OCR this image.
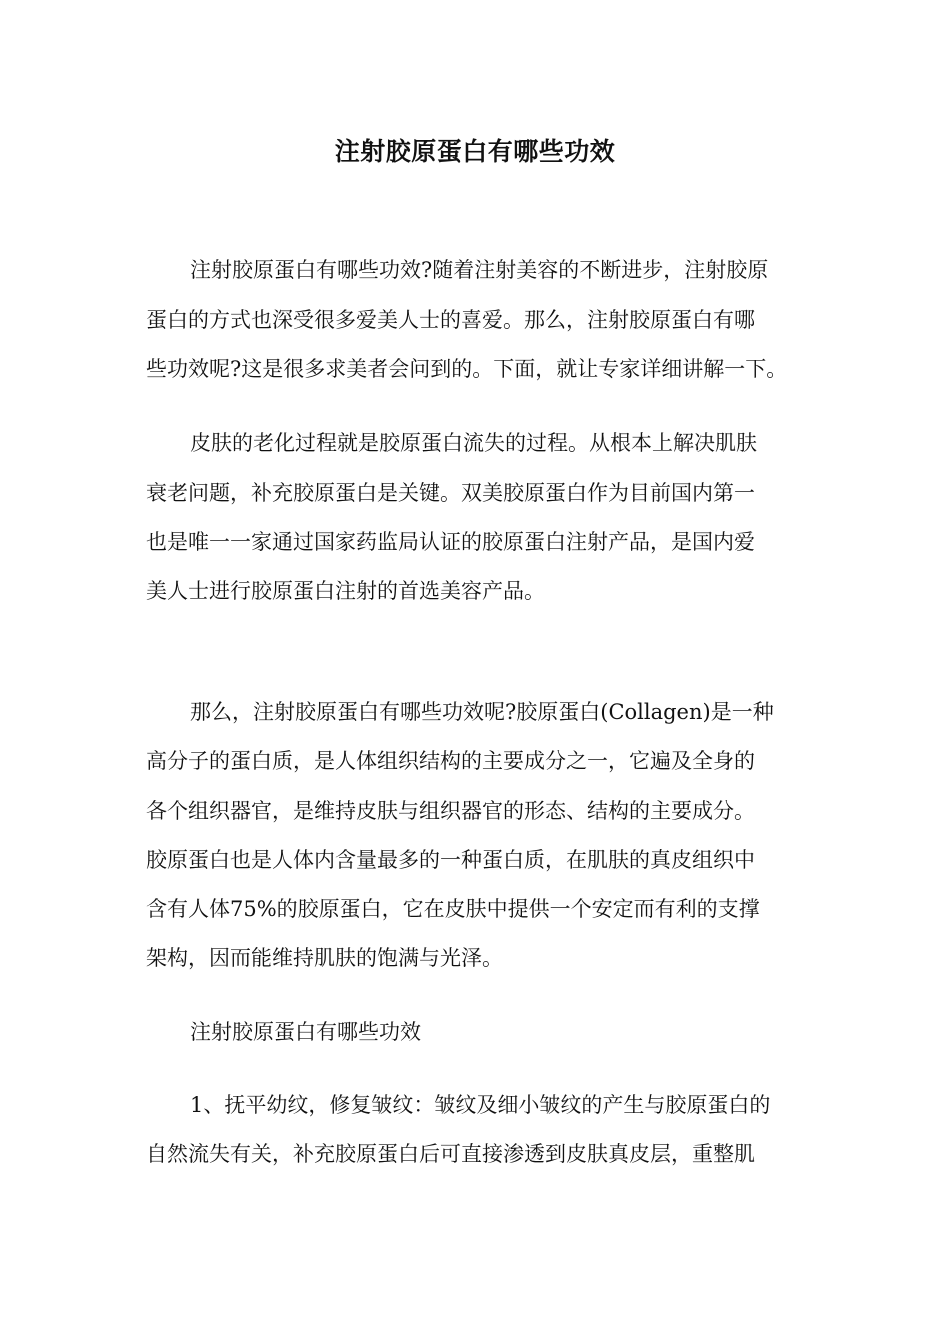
注射胶原蛋白有哪些功效
注射胶原蛋白有哪些功效?随着注射美容的不断进步，注射胶原
蛋白的方式也深受很多爱美人士的喜爱。那么，注射胶原蛋白有哪
些功效呢?这是很多求美者会问到的。下面，就让专家详细讲解一下。
皮肤的老化过程就是胶原蛋白流失的过程。从根本上解决肌肤
衰老问题，补充胶原蛋白是关键。双美胶原蛋白作为目前国内第一
也是唯一一家通过国家药监局认证的胶原蛋白注射产品，是国内爱
美人士进行胶原蛋白注射的首选美容产品。
那么，注射胶原蛋白有哪些功效呢?胶原蛋白(Collagen)是一种
高分子的蛋白质，是人体组织结构的主要成分之一，它遍及全身的
各个组织器官，是维持皮肤与组织器官的形态、结构的主要成分。
胶原蛋白也是人体内含量最多的一种蛋白质，在肌肤的真皮组织中
含有人体75%的胶原蛋白，它在皮肤中提供一个安定而有利的支撑
架构，因而能维持肌肤的饱满与光泽。
注射胶原蛋白有哪些功效
1、抚平幼纹，修复皱纹：皱纹及细小皱纹的产生与胶原蛋白的
自然流失有关，补充胶原蛋白后可直接渗透到皮肤真皮层，重整肌
